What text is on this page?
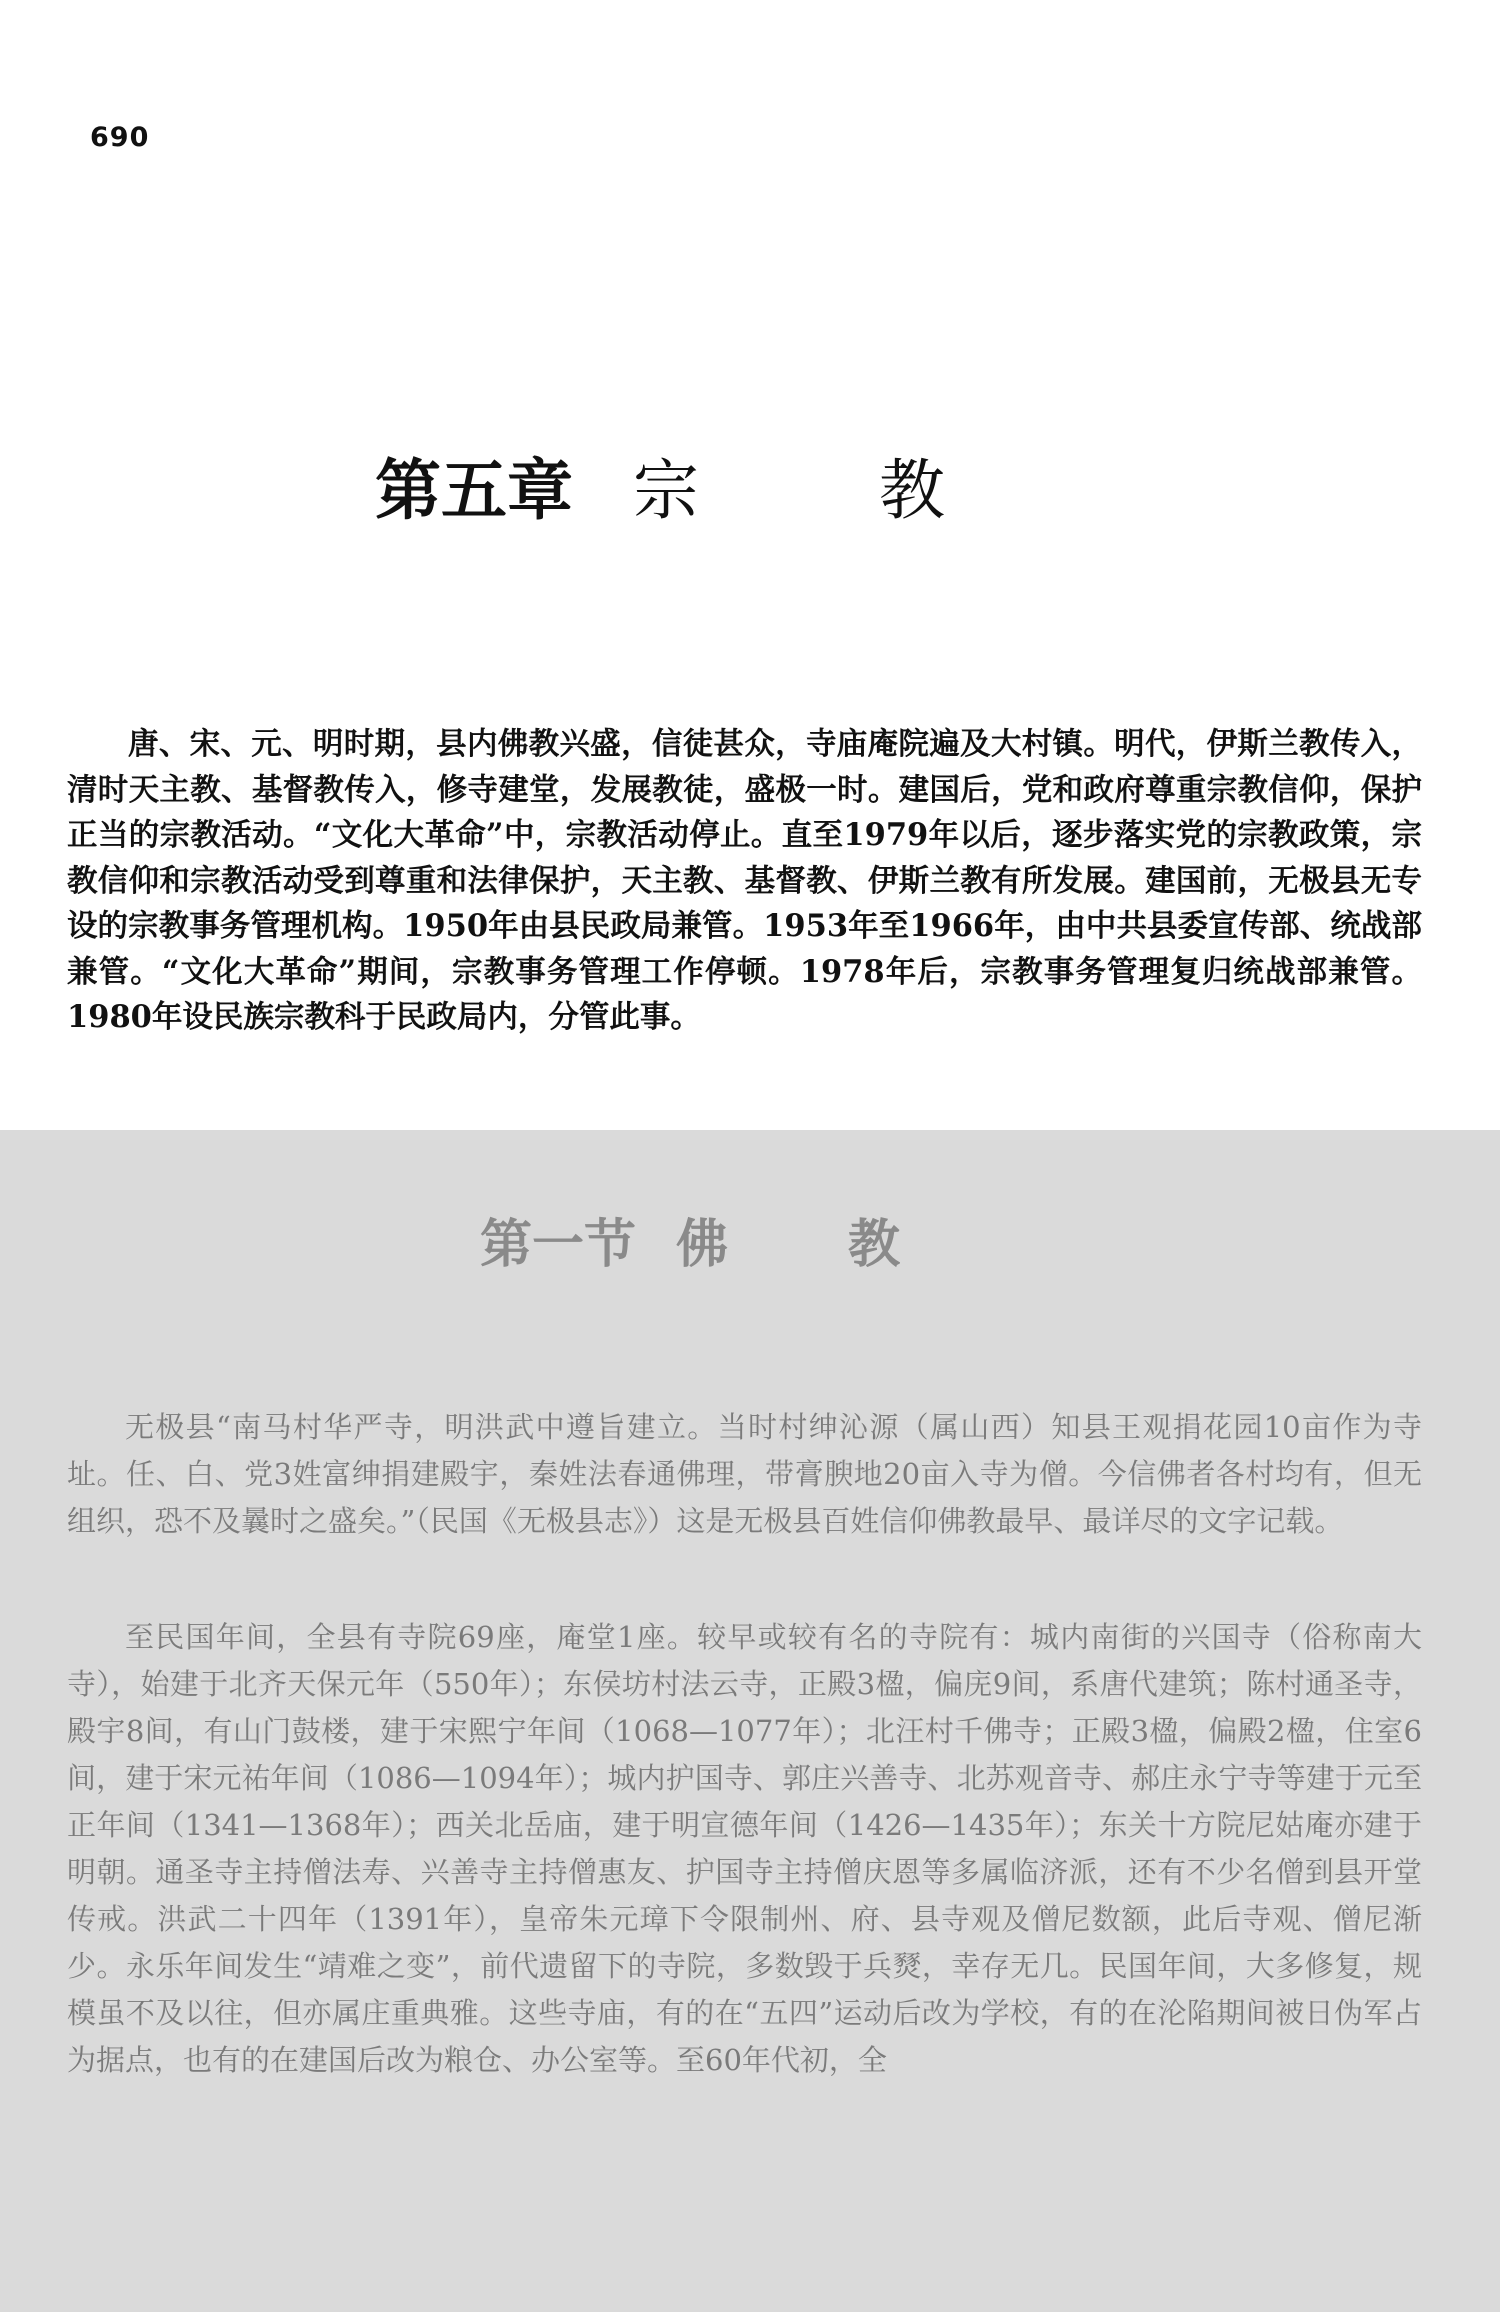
690
第五章 宗教

唐、宋、元、明时期，县内佛教兴盛，信徒甚众，寺庙庵院遍及大村镇。明代，伊斯兰教传入，清时天主教、基督教传入，修寺建堂，发展教徒，盛极一时。建国后，党和政府尊重宗教信仰，保护正当的宗教活动。“文化大革命”中，宗教活动停止。直至1979年以后，逐步落实党的宗教政策，宗教信仰和宗教活动受到尊重和法律保护，天主教、基督教、伊斯兰教有所发展。建国前，无极县无专设的宗教事务管理机构。1950年由县民政局兼管。1953年至1966年，由中共县委宣传部、统战部兼管。“文化大革命”期间，宗教事务管理工作停顿。1978年后，宗教事务管理复归统战部兼管。1980年设民族宗教科于民政局内，分管此事。

第一节 佛教

无极县“南马村华严寺，明洪武中遵旨建立。当时村绅沁源（属山西）知县王观捐花园10亩作为寺址。任、白、党3姓富绅捐建殿宇，秦姓法春通佛理，带膏腴地20亩入寺为僧。今信佛者各村均有，但无组织，恐不及曩时之盛矣。”（民国《无极县志》）这是无极县百姓信仰佛教最早、最详尽的文字记载。

至民国年间，全县有寺院69座，庵堂1座。较早或较有名的寺院有：城内南街的兴国寺（俗称南大寺），始建于北齐天保元年（550年）；东侯坊村法云寺，正殿3楹，偏庑9间，系唐代建筑；陈村通圣寺，殿宇8间，有山门鼓楼，建于宋熙宁年间（1068—1077年）；北汪村千佛寺；正殿3楹，偏殿2楹，住室6间，建于宋元祐年间（1086—1094年）；城内护国寺、郭庄兴善寺、北苏观音寺、郝庄永宁寺等建于元至正年间（1341—1368年）；西关北岳庙，建于明宣德年间（1426—1435年）；东关十方院尼姑庵亦建于明朝。通圣寺主持僧法寿、兴善寺主持僧惠友、护国寺主持僧庆恩等多属临济派，还有不少名僧到县开堂传戒。洪武二十四年（1391年），皇帝朱元璋下令限制州、府、县寺观及僧尼数额，此后寺观、僧尼渐少。永乐年间发生“靖难之变”，前代遗留下的寺院，多数毁于兵燹，幸存无几。民国年间，大多修复，规模虽不及以往，但亦属庄重典雅。这些寺庙，有的在“五四”运动后改为学校，有的在沦陷期间被日伪军占为据点，也有的在建国后改为粮仓、办公室等。至60年代初，全
